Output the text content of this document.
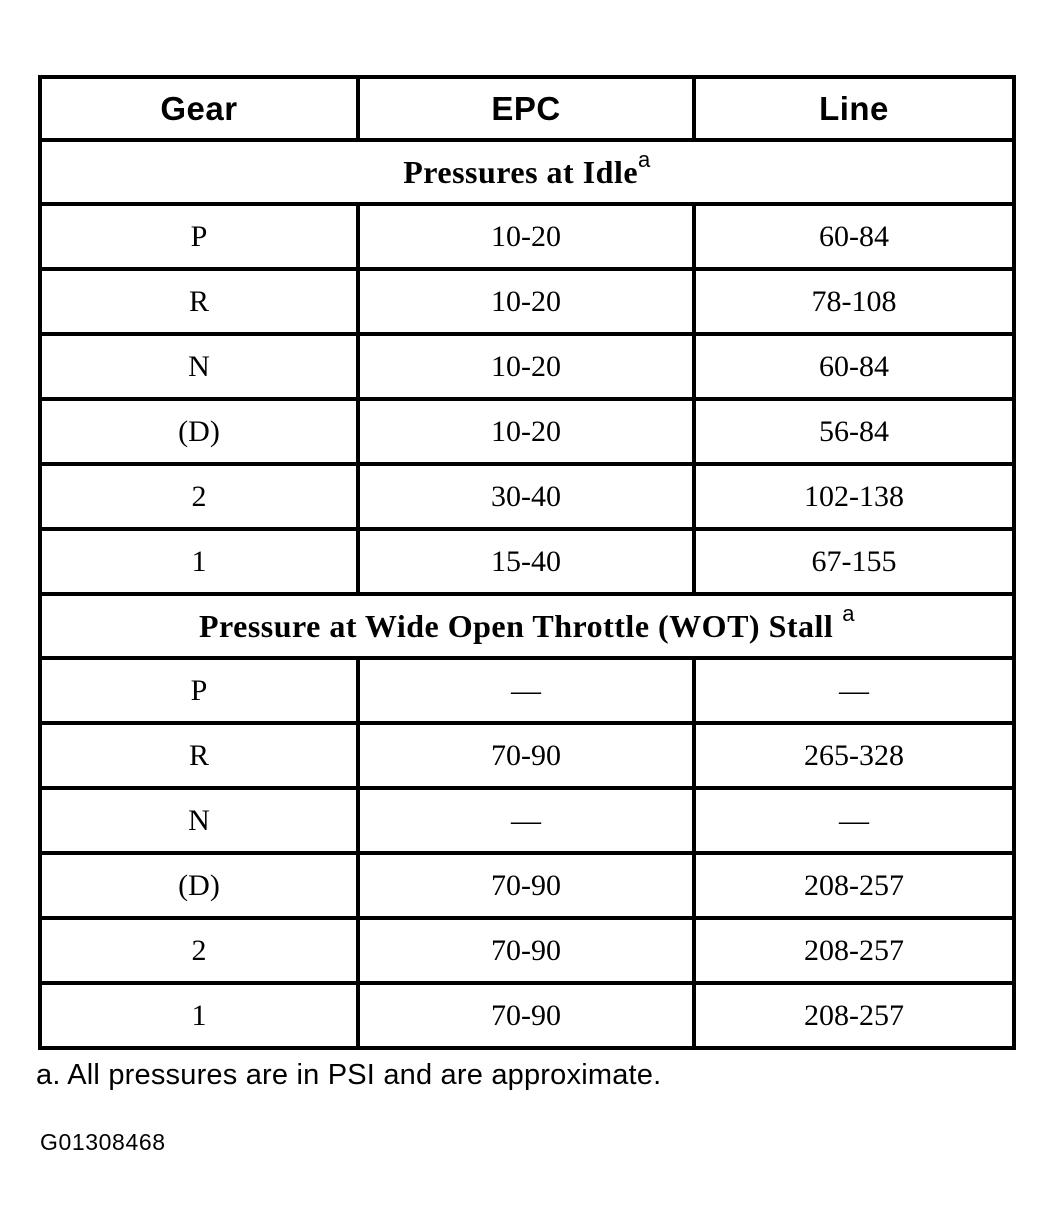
Gear	EPC	Line
Pressures at Idle$^a$
P	10-20	60-84
R	10-20	78-108
N	10-20	60-84
(D)	10-20	56-84
2	30-40	102-138
1	15-40	67-155
Pressure at Wide Open Throttle (WOT) Stall $^a$
P	—	—
R	70-90	265-328
N	—	—
(D)	70-90	208-257
2	70-90	208-257
1	70-90	208-257
a. All pressures are in PSI and are approximate.
G01308468
